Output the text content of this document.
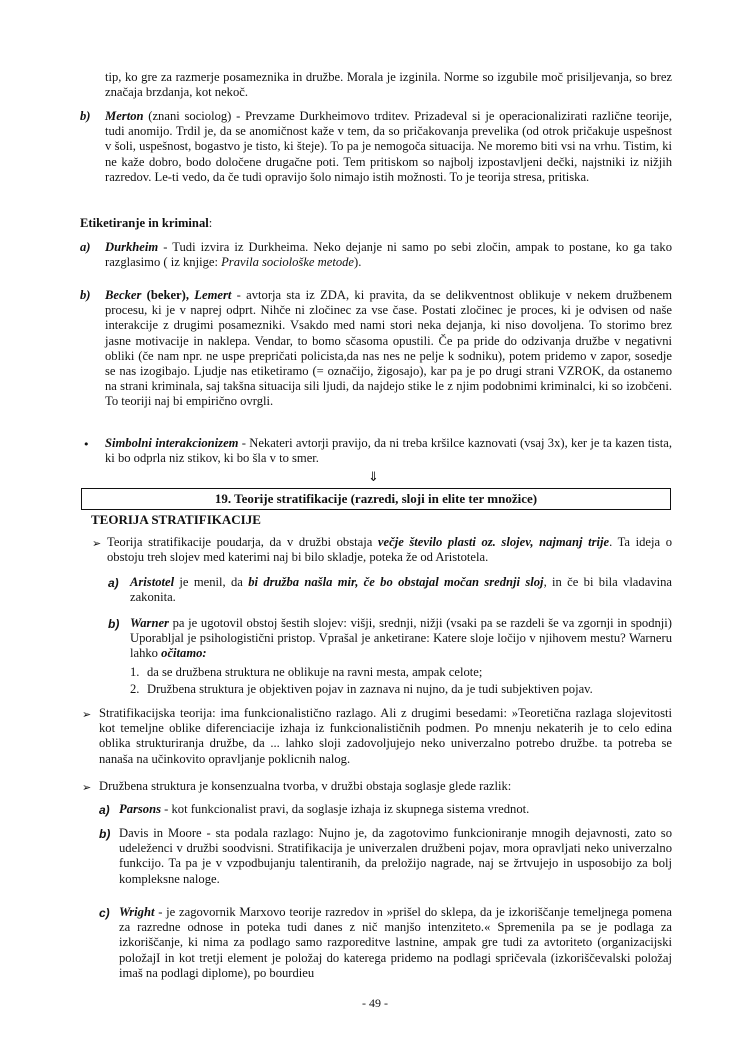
tip, ko gre za razmerje posameznika in družbe. Morala je izginila. Norme so izgubile moč prisiljevanja, so brez značaja brzdanja, kot nekoč.
b) Merton (znani sociolog) - Prevzame Durkheimovo trditev. Prizadeval si je operacionalizirati različne teorije, tudi anomijo. Trdil je, da se anomičnost kaže v tem, da so pričakovanja prevelika (od otrok pričakuje uspešnost v šoli, uspešnost, bogastvo je tisto, ki šteje). To pa je nemogoča situacija. Ne moremo biti vsi na vrhu. Tistim, ki ne kaže dobro, bodo določene drugačne poti. Tem pritiskom so najbolj izpostavljeni dečki, najstniki iz nižjih razredov. Le-ti vedo, da če tudi opravijo šolo nimajo istih možnosti. To je teorija stresa, pritiska.
Etiketiranje in kriminal:
a) Durkheim - Tudi izvira iz Durkheima. Neko dejanje ni samo po sebi zločin, ampak to postane, ko ga tako razglasimo ( iz knjige: Pravila sociološke metode).
b) Becker (beker), Lemert - avtorja sta iz ZDA, ki pravita, da se delikventnost oblikuje v nekem družbenem procesu, ki je v naprej odprt. Nihče ni zločinec za vse čase. Postati zločinec je proces, ki je odvisen od naše interakcije z drugimi posamezniki. Vsakdo med nami stori neka dejanja, ki niso dovoljena. To storimo brez jasne motivacije in naklepa. Vendar, to bomo sčasoma opustili. Če pa pride do odzivanja družbe v negativni obliki (če nam npr. ne uspe prepričati policista,da nas nes ne pelje k sodniku), potem pridemo v zapor, sosedje se nas izogibajo. Ljudje nas etiketiramo (= označijo, žigosajo), kar pa je po drugi strani VZROK, da ostanemo na strani kriminala, saj takšna situacija sili ljudi, da najdejo stike le z njim podobnimi kriminalci, ki so izobčeni. To teoriji naj bi empirično ovrgli.
• Simbolni interakcionizem - Nekateri avtorji pravijo, da ni treba kršilce kaznovati (vsaj 3x), ker je ta kazen tista, ki bo odprla niz stikov, ki bo šla v to smer.
⇓
19. Teorije stratifikacije (razredi, sloji in elite ter množice)
TEORIJA STRATIFIKACIJE
➢ Teorija stratifikacije poudarja, da v družbi obstaja večje število plasti oz. slojev, najmanj trije. Ta ideja o obstoju treh slojev med katerimi naj bi bilo skladje, poteka že od Aristotela.
a) Aristotel je menil, da bi družba našla mir, če bo obstajal močan srednji sloj, in če bi bila vladavina zakonita.
b) Warner pa je ugotovil obstoj šestih slojev: višji, srednji, nižji (vsaki pa se razdeli še va zgornji in spodnji) Uporabljal je psihologistični pristop. Vprašal je anketirane: Katere sloje ločijo v njihovem mestu? Warneru lahko očitamo:
1. da se družbena struktura ne oblikuje na ravni mesta, ampak celote;
2. Družbena struktura je objektiven pojav in zaznava ni nujno, da je tudi subjektiven pojav.
➢ Stratifikacijska teorija: ima funkcionalistično razlago. Ali z drugimi besedami: »Teoretična razlaga slojevitosti kot temeljne oblike diferenciacije izhaja iz funkcionalističnih podmen. Po mnenju nekaterih je to celo edina oblika strukturiranja družbe, da ... lahko sloji zadovoljujejo neko univerzalno potrebo družbe. ta potreba se nanaša na učinkovito opravljanje poklicnih nalog.
➢ Družbena struktura je konsenzualna tvorba, v družbi obstaja soglasje glede razlik:
a) Parsons - kot funkcionalist pravi, da soglasje izhaja iz skupnega sistema vrednot.
b) Davis in Moore - sta podala razlago: Nujno je, da zagotovimo funkcioniranje mnogih dejavnosti, zato so udeleženci v družbi soodvisni. Stratifikacija je univerzalen družbeni pojav, mora opravljati neko univerzalno funkcijo. Ta pa je v vzpodbujanju talentiranih, da preložijo nagrade, naj se žrtvujejo in usposobijo za bolj kompleksne naloge.
c) Wright - je zagovornik Marxovo teorije razredov in »prišel do sklepa, da je izkoriščanje temeljnega pomena za razredne odnose in poteka tudi danes z nič manjšo intenziteto.« Spremenila pa se je podlaga za izkoriščanje, ki nima za podlago samo razporeditve lastnine, ampak gre tudi za avtoriteto (organizacijski položajI in kot tretji element je položaj do katerega pridemo na podlagi spričevala (izkoriščevalski položaj imaš na podlagi diplome), po bourdieu
- 49 -
